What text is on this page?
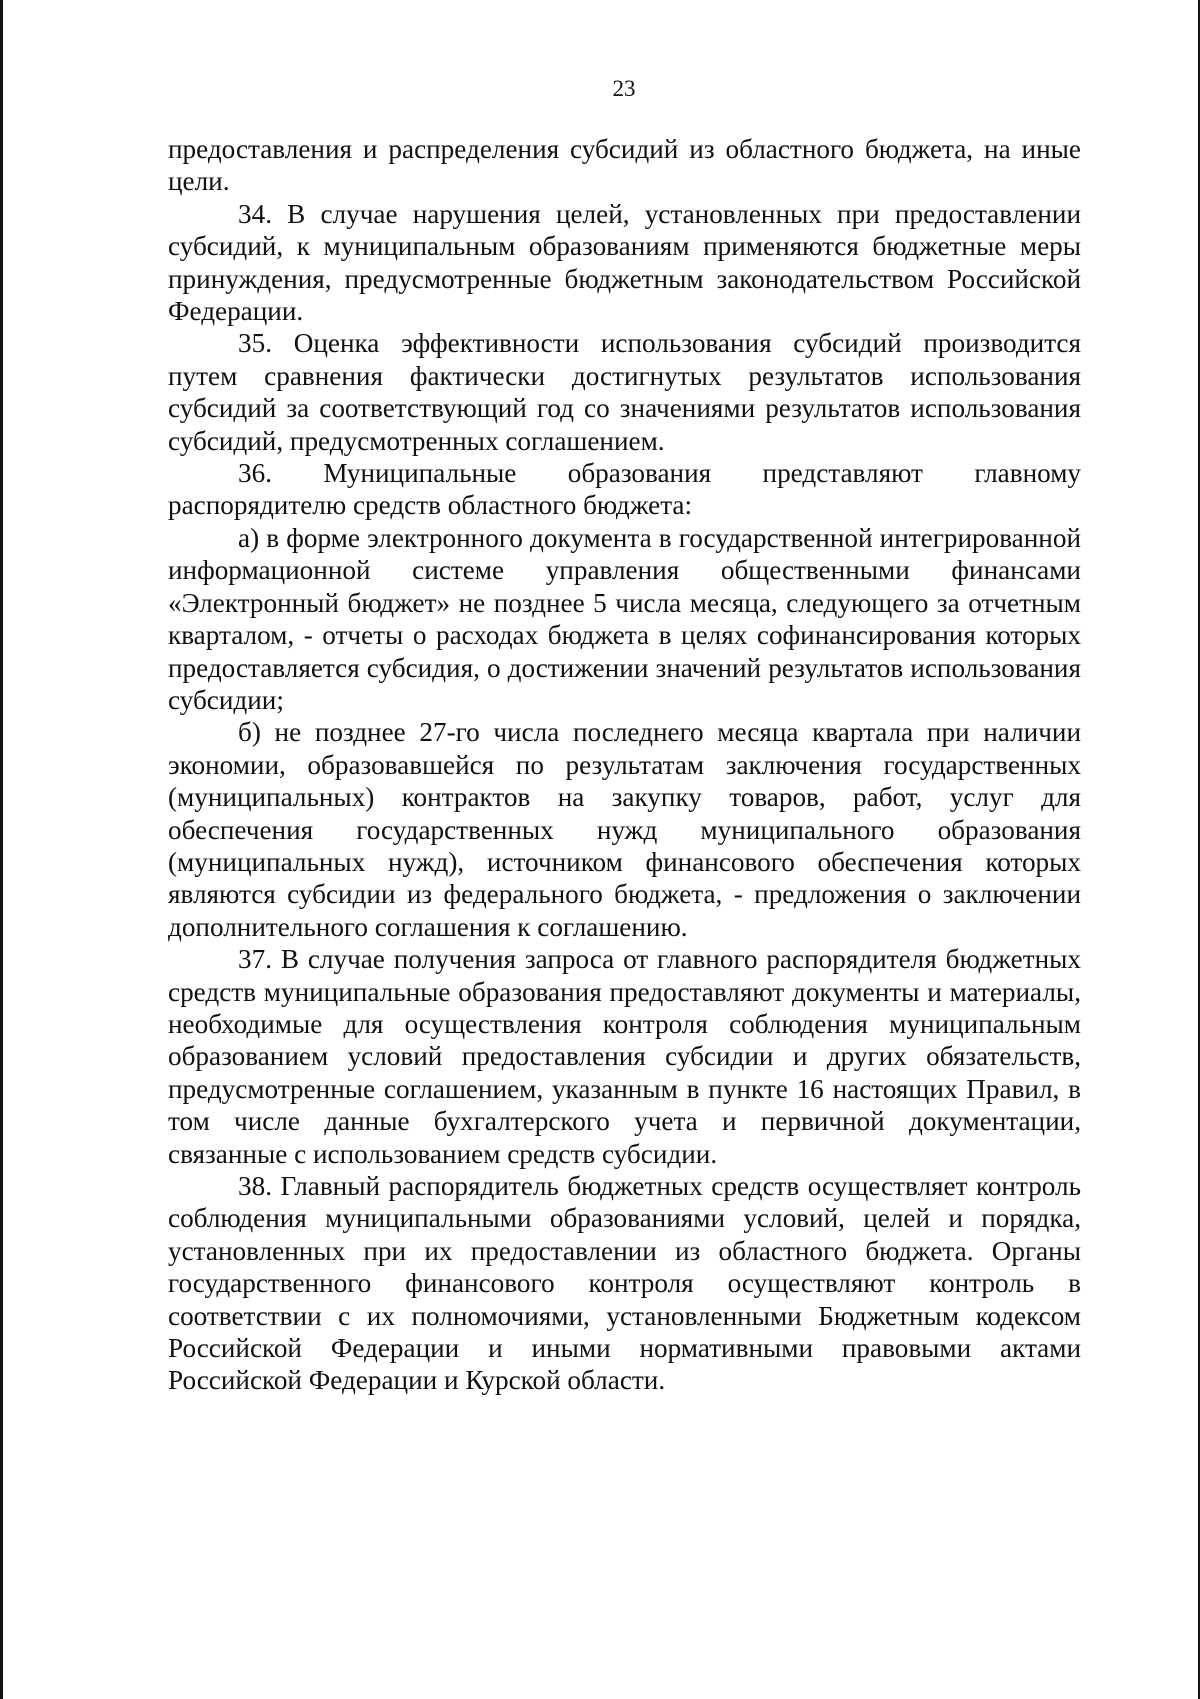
23

предоставления и распределения субсидий из областного бюджета, на иные цели.

34. В случае нарушения целей, установленных при предоставлении субсидий, к муниципальным образованиям применяются бюджетные меры принуждения, предусмотренные бюджетным законодательством Российской Федерации.

35. Оценка эффективности использования субсидий производится путем сравнения фактически достигнутых результатов использования субсидий за соответствующий год со значениями результатов использования субсидий, предусмотренных соглашением.

36. Муниципальные образования представляют главному распорядителю средств областного бюджета:

а) в форме электронного документа в государственной интегрированной информационной системе управления общественными финансами «Электронный бюджет» не позднее 5 числа месяца, следующего за отчетным кварталом, - отчеты о расходах бюджета в целях софинансирования которых предоставляется субсидия, о достижении значений результатов использования субсидии;

б) не позднее 27-го числа последнего месяца квартала при наличии экономии, образовавшейся по результатам заключения государственных (муниципальных) контрактов на закупку товаров, работ, услуг для обеспечения государственных нужд муниципального образования (муниципальных нужд), источником финансового обеспечения которых являются субсидии из федерального бюджета, - предложения о заключении дополнительного соглашения к соглашению.

37. В случае получения запроса от главного распорядителя бюджетных средств муниципальные образования предоставляют документы и материалы, необходимые для осуществления контроля соблюдения муниципальным образованием условий предоставления субсидии и других обязательств, предусмотренные соглашением, указанным в пункте 16 настоящих Правил, в том числе данные бухгалтерского учета и первичной документации, связанные с использованием средств субсидии.

38. Главный распорядитель бюджетных средств осуществляет контроль соблюдения муниципальными образованиями условий, целей и порядка, установленных при их предоставлении из областного бюджета. Органы государственного финансового контроля осуществляют контроль в соответствии с их полномочиями, установленными Бюджетным кодексом Российской Федерации и иными нормативными правовыми актами Российской Федерации и Курской области.
